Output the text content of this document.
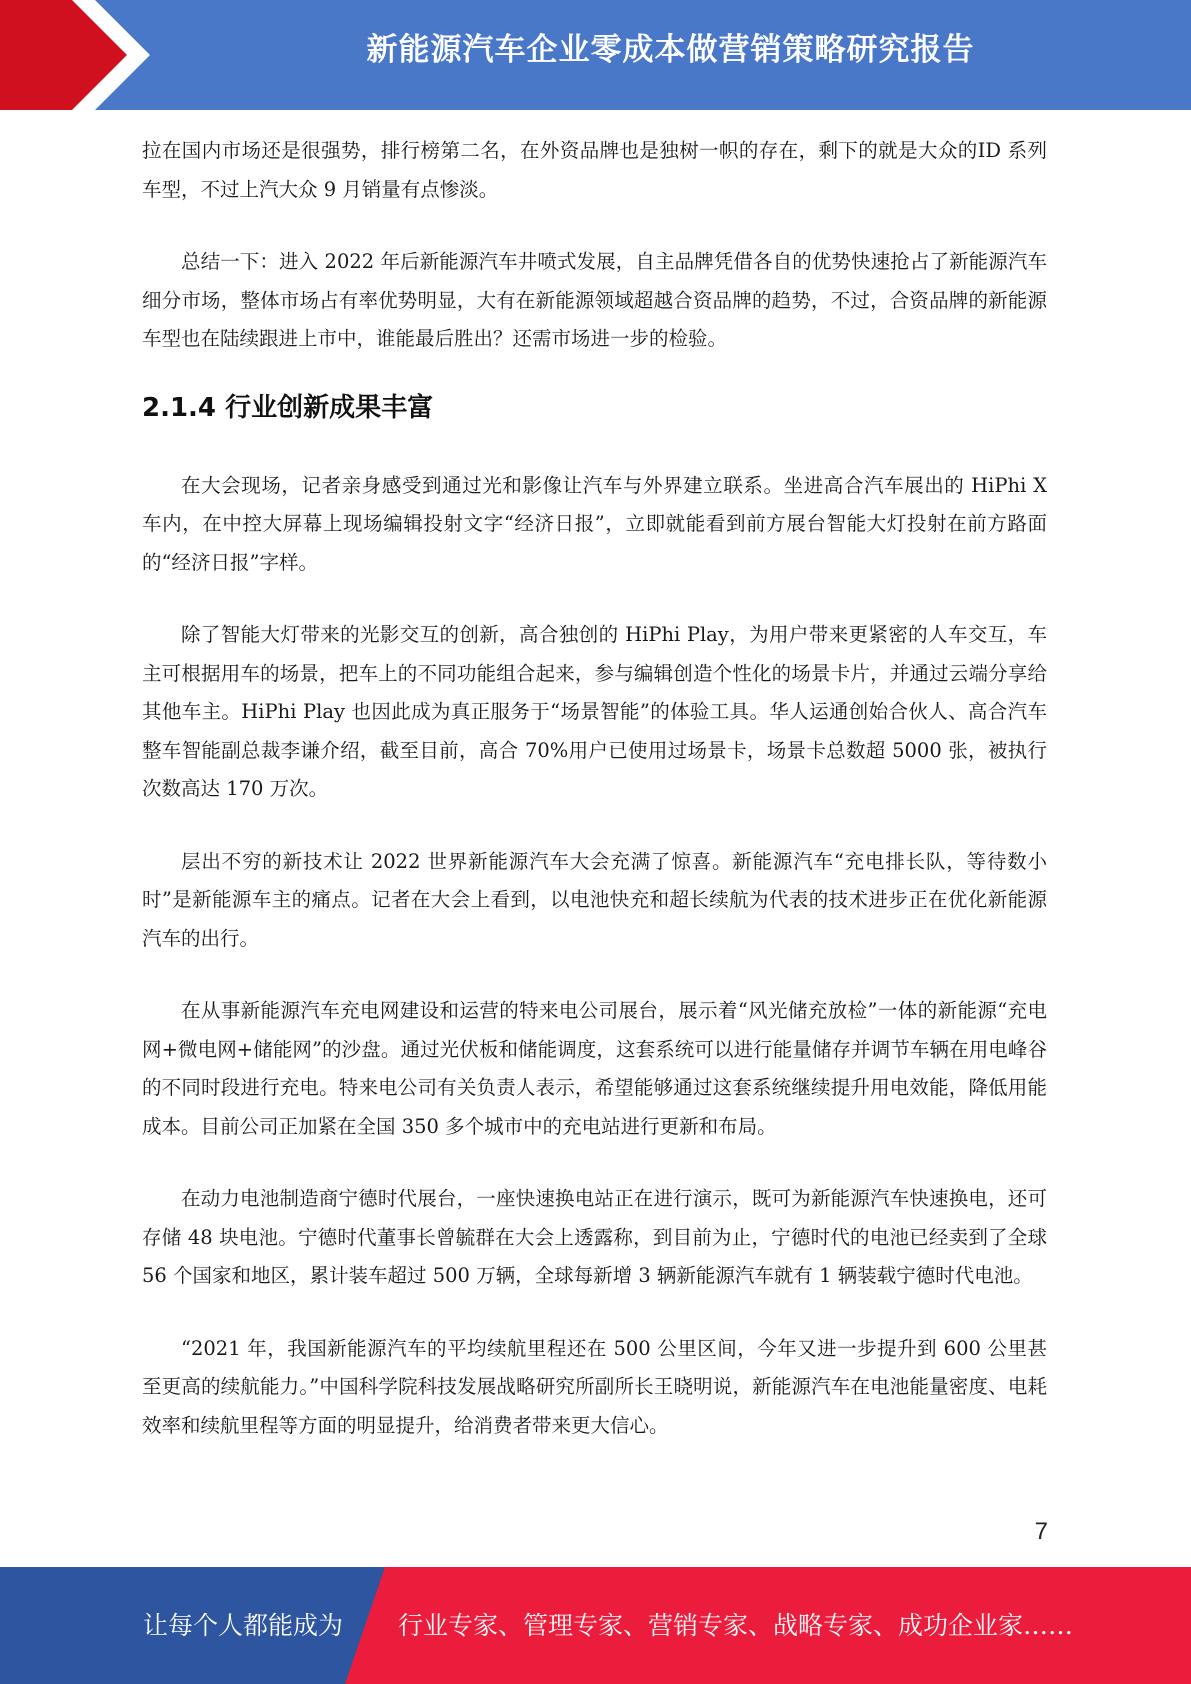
新能源汽车企业零成本做营销策略研究报告

拉在国内市场还是很强势，排行榜第二名，在外资品牌也是独树一帜的存在，剩下的就是大众的ID 系列车型，不过上汽大众 9 月销量有点惨淡。

总结一下：进入 2022 年后新能源汽车井喷式发展，自主品牌凭借各自的优势快速抢占了新能源汽车细分市场，整体市场占有率优势明显，大有在新能源领域超越合资品牌的趋势，不过，合资品牌的新能源车型也在陆续跟进上市中，谁能最后胜出？还需市场进一步的检验。

2.1.4 行业创新成果丰富

在大会现场，记者亲身感受到通过光和影像让汽车与外界建立联系。坐进高合汽车展出的 HiPhi X 车内，在中控大屏幕上现场编辑投射文字“经济日报”，立即就能看到前方展台智能大灯投射在前方路面的“经济日报”字样。

除了智能大灯带来的光影交互的创新，高合独创的 HiPhi Play，为用户带来更紧密的人车交互，车主可根据用车的场景，把车上的不同功能组合起来，参与编辑创造个性化的场景卡片，并通过云端分享给其他车主。HiPhi Play 也因此成为真正服务于“场景智能”的体验工具。华人运通创始合伙人、高合汽车整车智能副总裁李谦介绍，截至目前，高合 70%用户已使用过场景卡，场景卡总数超 5000 张，被执行次数高达 170 万次。

层出不穷的新技术让 2022 世界新能源汽车大会充满了惊喜。新能源汽车“充电排长队，等待数小时”是新能源车主的痛点。记者在大会上看到，以电池快充和超长续航为代表的技术进步正在优化新能源汽车的出行。

在从事新能源汽车充电网建设和运营的特来电公司展台，展示着“风光储充放检”一体的新能源“充电网+微电网+储能网”的沙盘。通过光伏板和储能调度，这套系统可以进行能量储存并调节车辆在用电峰谷的不同时段进行充电。特来电公司有关负责人表示，希望能够通过这套系统继续提升用电效能，降低用能成本。目前公司正加紧在全国 350 多个城市中的充电站进行更新和布局。

在动力电池制造商宁德时代展台，一座快速换电站正在进行演示，既可为新能源汽车快速换电，还可存储 48 块电池。宁德时代董事长曾毓群在大会上透露称，到目前为止，宁德时代的电池已经卖到了全球 56 个国家和地区，累计装车超过 500 万辆，全球每新增 3 辆新能源汽车就有 1 辆装载宁德时代电池。

“2021 年，我国新能源汽车的平均续航里程还在 500 公里区间，今年又进一步提升到 600 公里甚至更高的续航能力。”中国科学院科技发展战略研究所副所长王晓明说，新能源汽车在电池能量密度、电耗效率和续航里程等方面的明显提升，给消费者带来更大信心。

7
让每个人都能成为 行业专家、管理专家、营销专家、战略专家、成功企业家……
